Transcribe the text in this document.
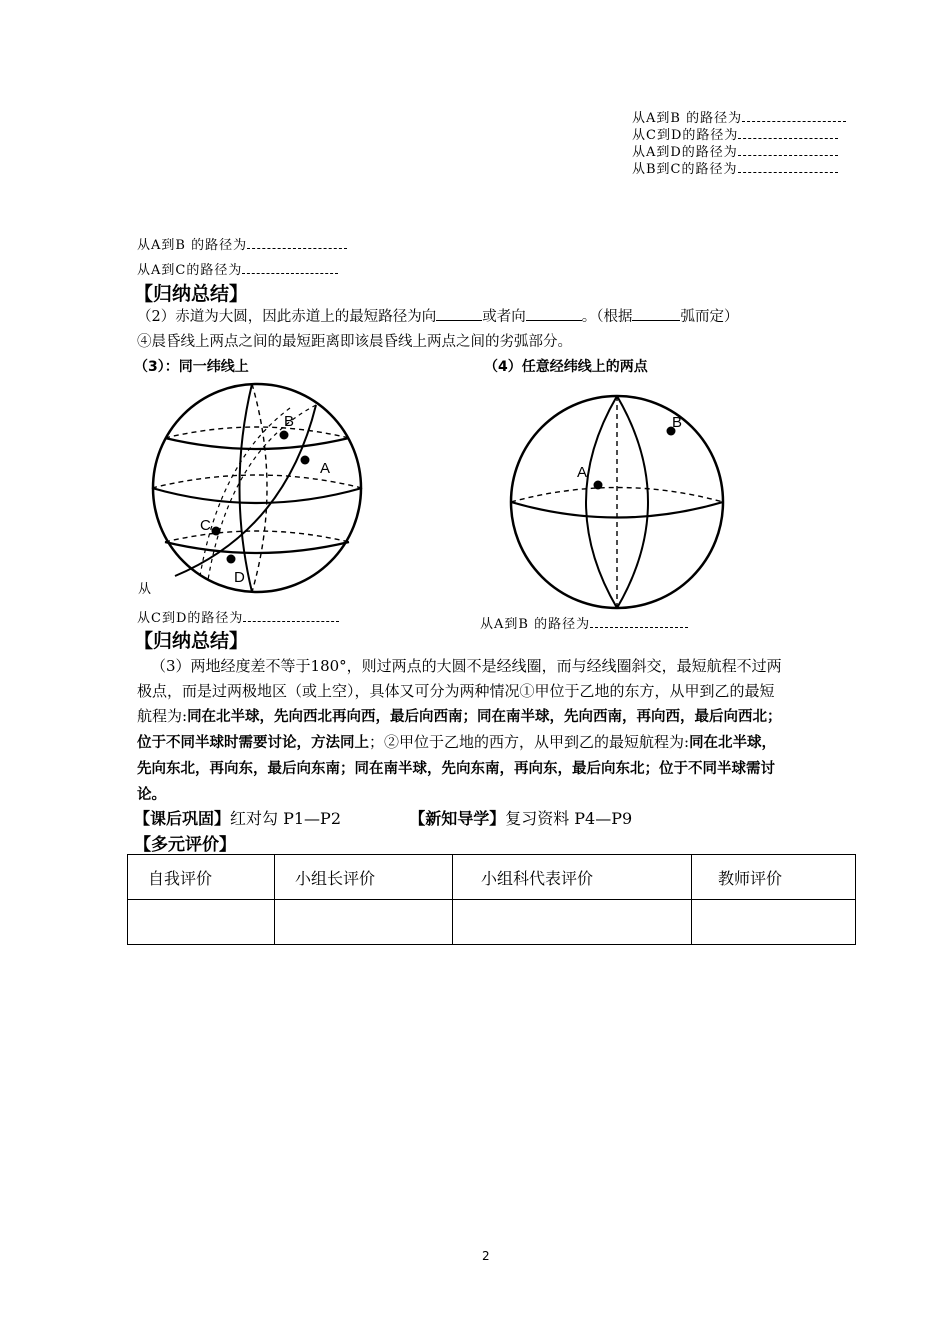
从A到B 的路径为
从C到D的路径为
从A到D的路径为
从B到C的路径为
从A到B 的路径为
从A到C的路径为
【归纳总结】
（2）赤道为大圆，因此赤道上的最短路径为向	或者向	。（根据	弧而定）
④晨昏线上两点之间的最短距离即该晨昏线上两点之间的劣弧部分。
（3）：同一纬线上	（4）任意经纬线上的两点
B
A
C
D
从
从C到D的路径为
A
B
从A到B 的路径为
【归纳总结】
（3）两地经度差不等于180°，则过两点的大圆不是经线圈，而与经线圈斜交，最短航程不过两
极点，而是过两极地区（或上空），具体又可分为两种情况①甲位于乙地的东方，从甲到乙的最短
航程为:同在北半球，先向西北再向西，最后向西南；同在南半球，先向西南，再向西，最后向西北；
位于不同半球时需要讨论，方法同上；②甲位于乙地的西方，从甲到乙的最短航程为:同在北半球，
先向东北，再向东，最后向东南；同在南半球，先向东南，再向东，最后向东北；位于不同半球需讨
论。
【课后巩固】红对勾 P1—P2	【新知导学】复习资料 P4—P9
【多元评价】
自我评价	小组长评价	小组科代表评价	教师评价

2
